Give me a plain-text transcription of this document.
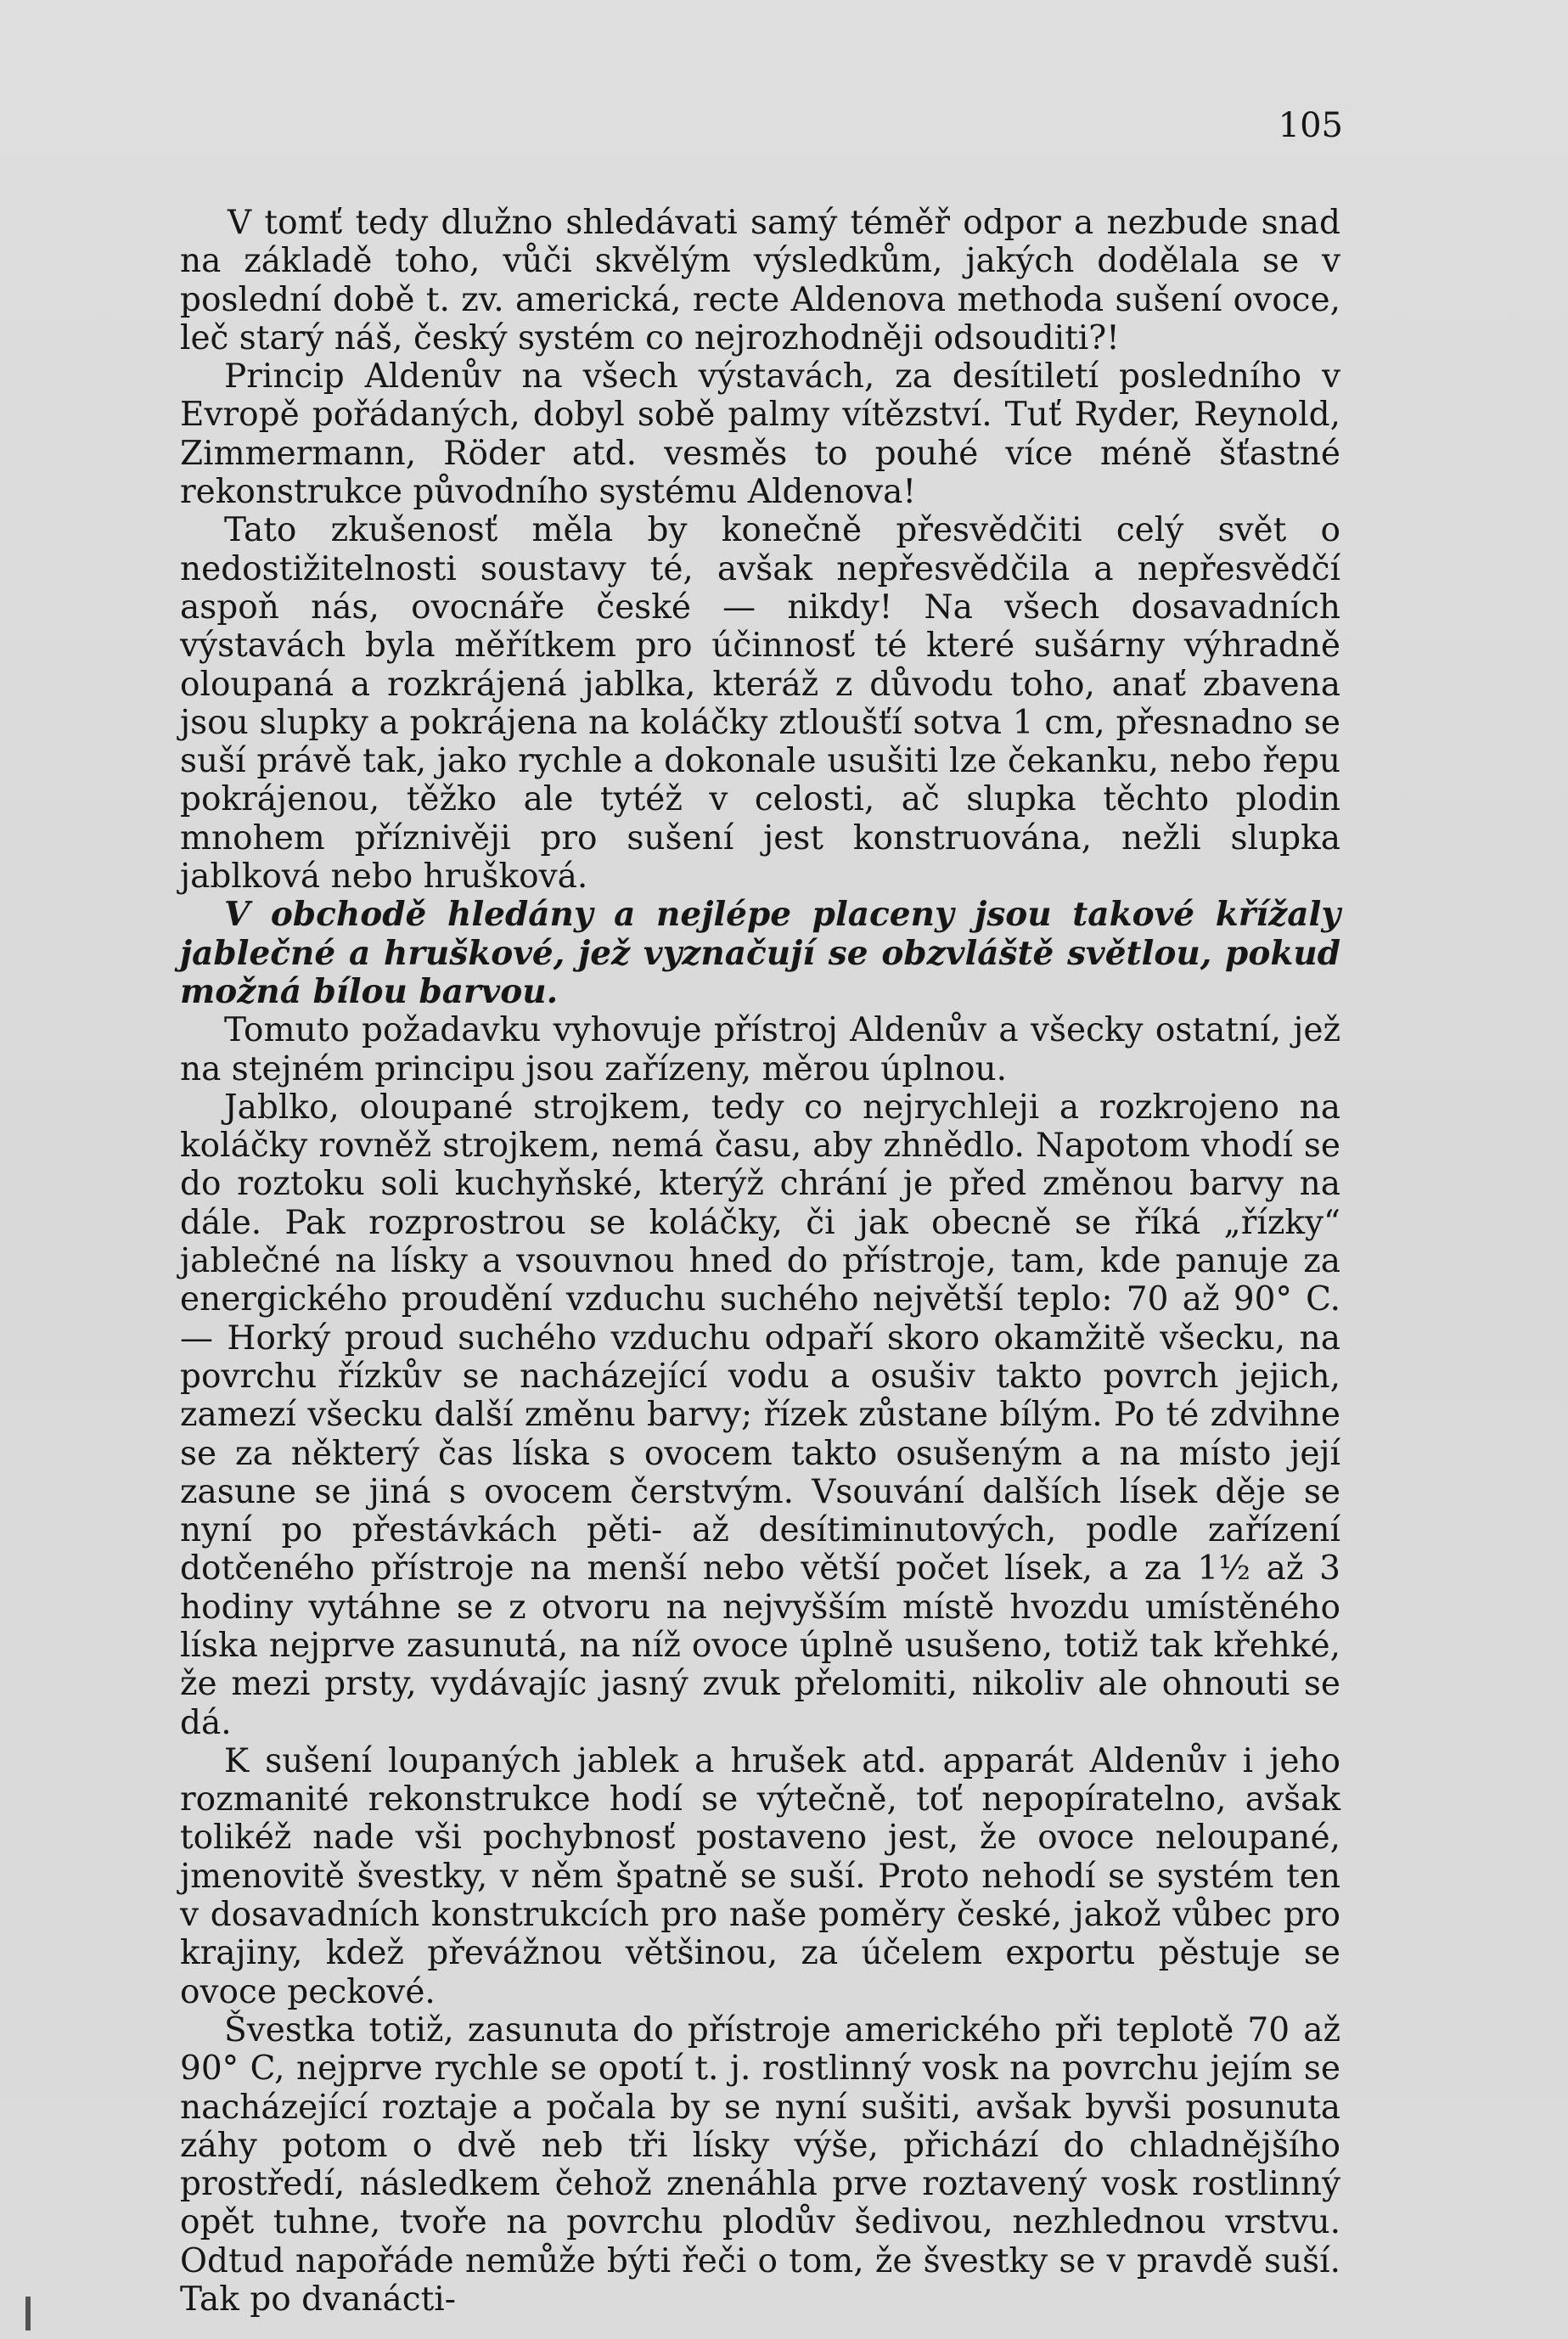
105

V tomť tedy dlužno shledávati samý téměř odpor a nezbude snad na základě toho, vůči skvělým výsledkům, jakých dodělala se v poslední době t. zv. americká, recte Aldenova methoda sušení ovoce, leč starý náš, český systém co nejrozhodněji odsouditi?!

Princip Aldenův na všech výstavách, za desítiletí posledního v Evropě pořádaných, dobyl sobě palmy vítězství. Tuť Ryder, Reynold, Zimmermann, Röder atd. vesměs to pouhé více méně šťastné rekonstrukce původního systému Aldenova!

Tato zkušenosť měla by konečně přesvědčiti celý svět o nedostižitelnosti soustavy té, avšak nepřesvědčila a nepřesvědčí aspoň nás, ovocnáře české — nikdy! Na všech dosavadních výstavách byla měřítkem pro účinnosť té které sušárny výhradně oloupaná a rozkrájená jablka, kteráž z důvodu toho, anať zbavena jsou slupky a pokrájena na koláčky ztloušťí sotva 1 cm, přesnadno se suší právě tak, jako rychle a dokonale usušiti lze čekanku, nebo řepu pokrájenou, těžko ale tytéž v celosti, ač slupka těchto plodin mnohem příznivěji pro sušení jest konstruována, nežli slupka jablková nebo hrušková.

V obchodě hledány a nejlépe placeny jsou takové křížaly jablečné a hruškové, jež vyznačují se obzvláště světlou, pokud možná bílou barvou.

Tomuto požadavku vyhovuje přístroj Aldenův a všecky ostatní, jež na stejném principu jsou zařízeny, měrou úplnou.

Jablko, oloupané strojkem, tedy co nejrychleji a rozkrojeno na koláčky rovněž strojkem, nemá času, aby zhnědlo. Napotom vhodí se do roztoku soli kuchyňské, kterýž chrání je před změnou barvy na dále. Pak rozprostrou se koláčky, či jak obecně se říká „řízky“ jablečné na lísky a vsouvnou hned do přístroje, tam, kde panuje za energického proudění vzduchu suchého největší teplo: 70 až 90° C. — Horký proud suchého vzduchu odpaří skoro okamžitě všecku, na povrchu řízkův se nacházející vodu a osušiv takto povrch jejich, zamezí všecku další změnu barvy; řízek zůstane bílým. Po té zdvihne se za některý čas líska s ovocem takto osušeným a na místo její zasune se jiná s ovocem čerstvým. Vsouvání dalších lísek děje se nyní po přestávkách pěti- až desítiminutových, podle zařízení dotčeného přístroje na menší nebo větší počet lísek, a za 1½ až 3 hodiny vytáhne se z otvoru na nejvyšším místě hvozdu umístěného líska nejprve zasunutá, na níž ovoce úplně usušeno, totiž tak křehké, že mezi prsty, vydávajíc jasný zvuk přelomiti, nikoliv ale ohnouti se dá.

K sušení loupaných jablek a hrušek atd. apparát Aldenův i jeho rozmanité rekonstrukce hodí se výtečně, toť nepopíratelno, avšak tolikéž nade vši pochybnosť postaveno jest, že ovoce neloupané, jmenovitě švestky, v něm špatně se suší. Proto nehodí se systém ten v dosavadních konstrukcích pro naše poměry české, jakož vůbec pro krajiny, kdež převážnou většinou, za účelem exportu pěstuje se ovoce peckové.

Švestka totiž, zasunuta do přístroje amerického při teplotě 70 až 90° C, nejprve rychle se opotí t. j. rostlinný vosk na povrchu jejím se nacházející roztaje a počala by se nyní sušiti, avšak byvši posunuta záhy potom o dvě neb tři lísky výše, přichází do chladnějšího prostředí, následkem čehož znenáhla prve roztavený vosk rostlinný opět tuhne, tvoře na povrchu plodův šedivou, nezhlednou vrstvu. Odtud napořáde nemůže býti řeči o tom, že švestky se v pravdě suší. Tak po dvanácti-
